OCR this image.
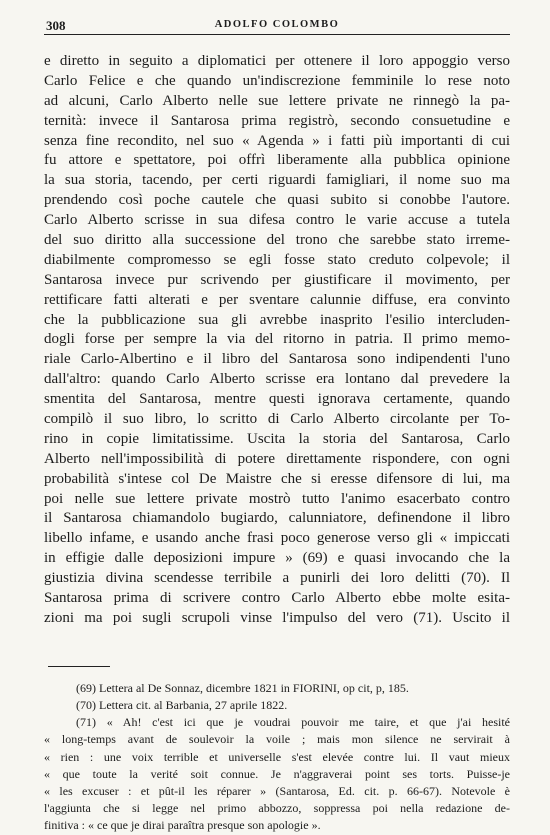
308	ADOLFO COLOMBO
e diretto in seguito a diplomatici per ottenere il loro appoggio verso
Carlo Felice e che quando un'indiscrezione femminile lo rese noto
ad alcuni, Carlo Alberto nelle sue lettere private ne rinnegò la pa-
ternità: invece il Santarosa prima registrò, secondo consuetudine e
senza fine recondito, nel suo « Agenda » i fatti più importanti di cui
fu attore e spettatore, poi offrì liberamente alla pubblica opinione
la sua storia, tacendo, per certi riguardi famigliari, il nome suo ma
prendendo così poche cautele che quasi subito si conobbe l'autore.
Carlo Alberto scrisse in sua difesa contro le varie accuse a tutela
del suo diritto alla successione del trono che sarebbe stato irreme-
diabilmente compromesso se egli fosse stato creduto colpevole; il
Santarosa invece pur scrivendo per giustificare il movimento, per
rettificare fatti alterati e per sventare calunnie diffuse, era convinto
che la pubblicazione sua gli avrebbe inasprito l'esilio intercluden-
dogli forse per sempre la via del ritorno in patria. Il primo memo-
riale Carlo-Albertino e il libro del Santarosa sono indipendenti l'uno
dall'altro: quando Carlo Alberto scrisse era lontano dal prevedere la
smentita del Santarosa, mentre questi ignorava certamente, quando
compilò il suo libro, lo scritto di Carlo Alberto circolante per To-
rino in copie limitatissime. Uscita la storia del Santarosa, Carlo
Alberto nell'impossibilità di potere direttamente rispondere, con ogni
probabilità s'intese col De Maistre che si eresse difensore di lui, ma
poi nelle sue lettere private mostrò tutto l'animo esacerbato contro
il Santarosa chiamandolo bugiardo, calunniatore, definendone il libro
libello infame, e usando anche frasi poco generose verso gli « impiccati
in effigie dalle deposizioni impure » (69) e quasi invocando che la
giustizia divina scendesse terribile a punirli dei loro delitti (70). Il
Santarosa prima di scrivere contro Carlo Alberto ebbe molte esita-
zioni ma poi sugli scrupoli vinse l'impulso del vero (71). Uscito il
(69) Lettera al De Sonnaz, dicembre 1821 in FIORINI, op cit, p, 185.
(70) Lettera cit. al Barbania, 27 aprile 1822.
(71) « Ah! c'est ici que je voudrai pouvoir me taire, et que j'ai hesité
« long-temps avant de soulevoir la voile ; mais mon silence ne servirait à
« rien : une voix terrible et universelle s'est elevée contre lui. Il vaut mieux
« que toute la verité soit connue. Je n'aggraverai point ses torts. Puisse-je
« les excuser : et pût-il les réparer » (Santarosa, Ed. cit. p. 66-67). Notevole è
l'aggiunta che si legge nel primo abbozzo, soppressa poi nella redazione de-
finitiva : « ce que je dirai paraîtra presque son apologie ».
